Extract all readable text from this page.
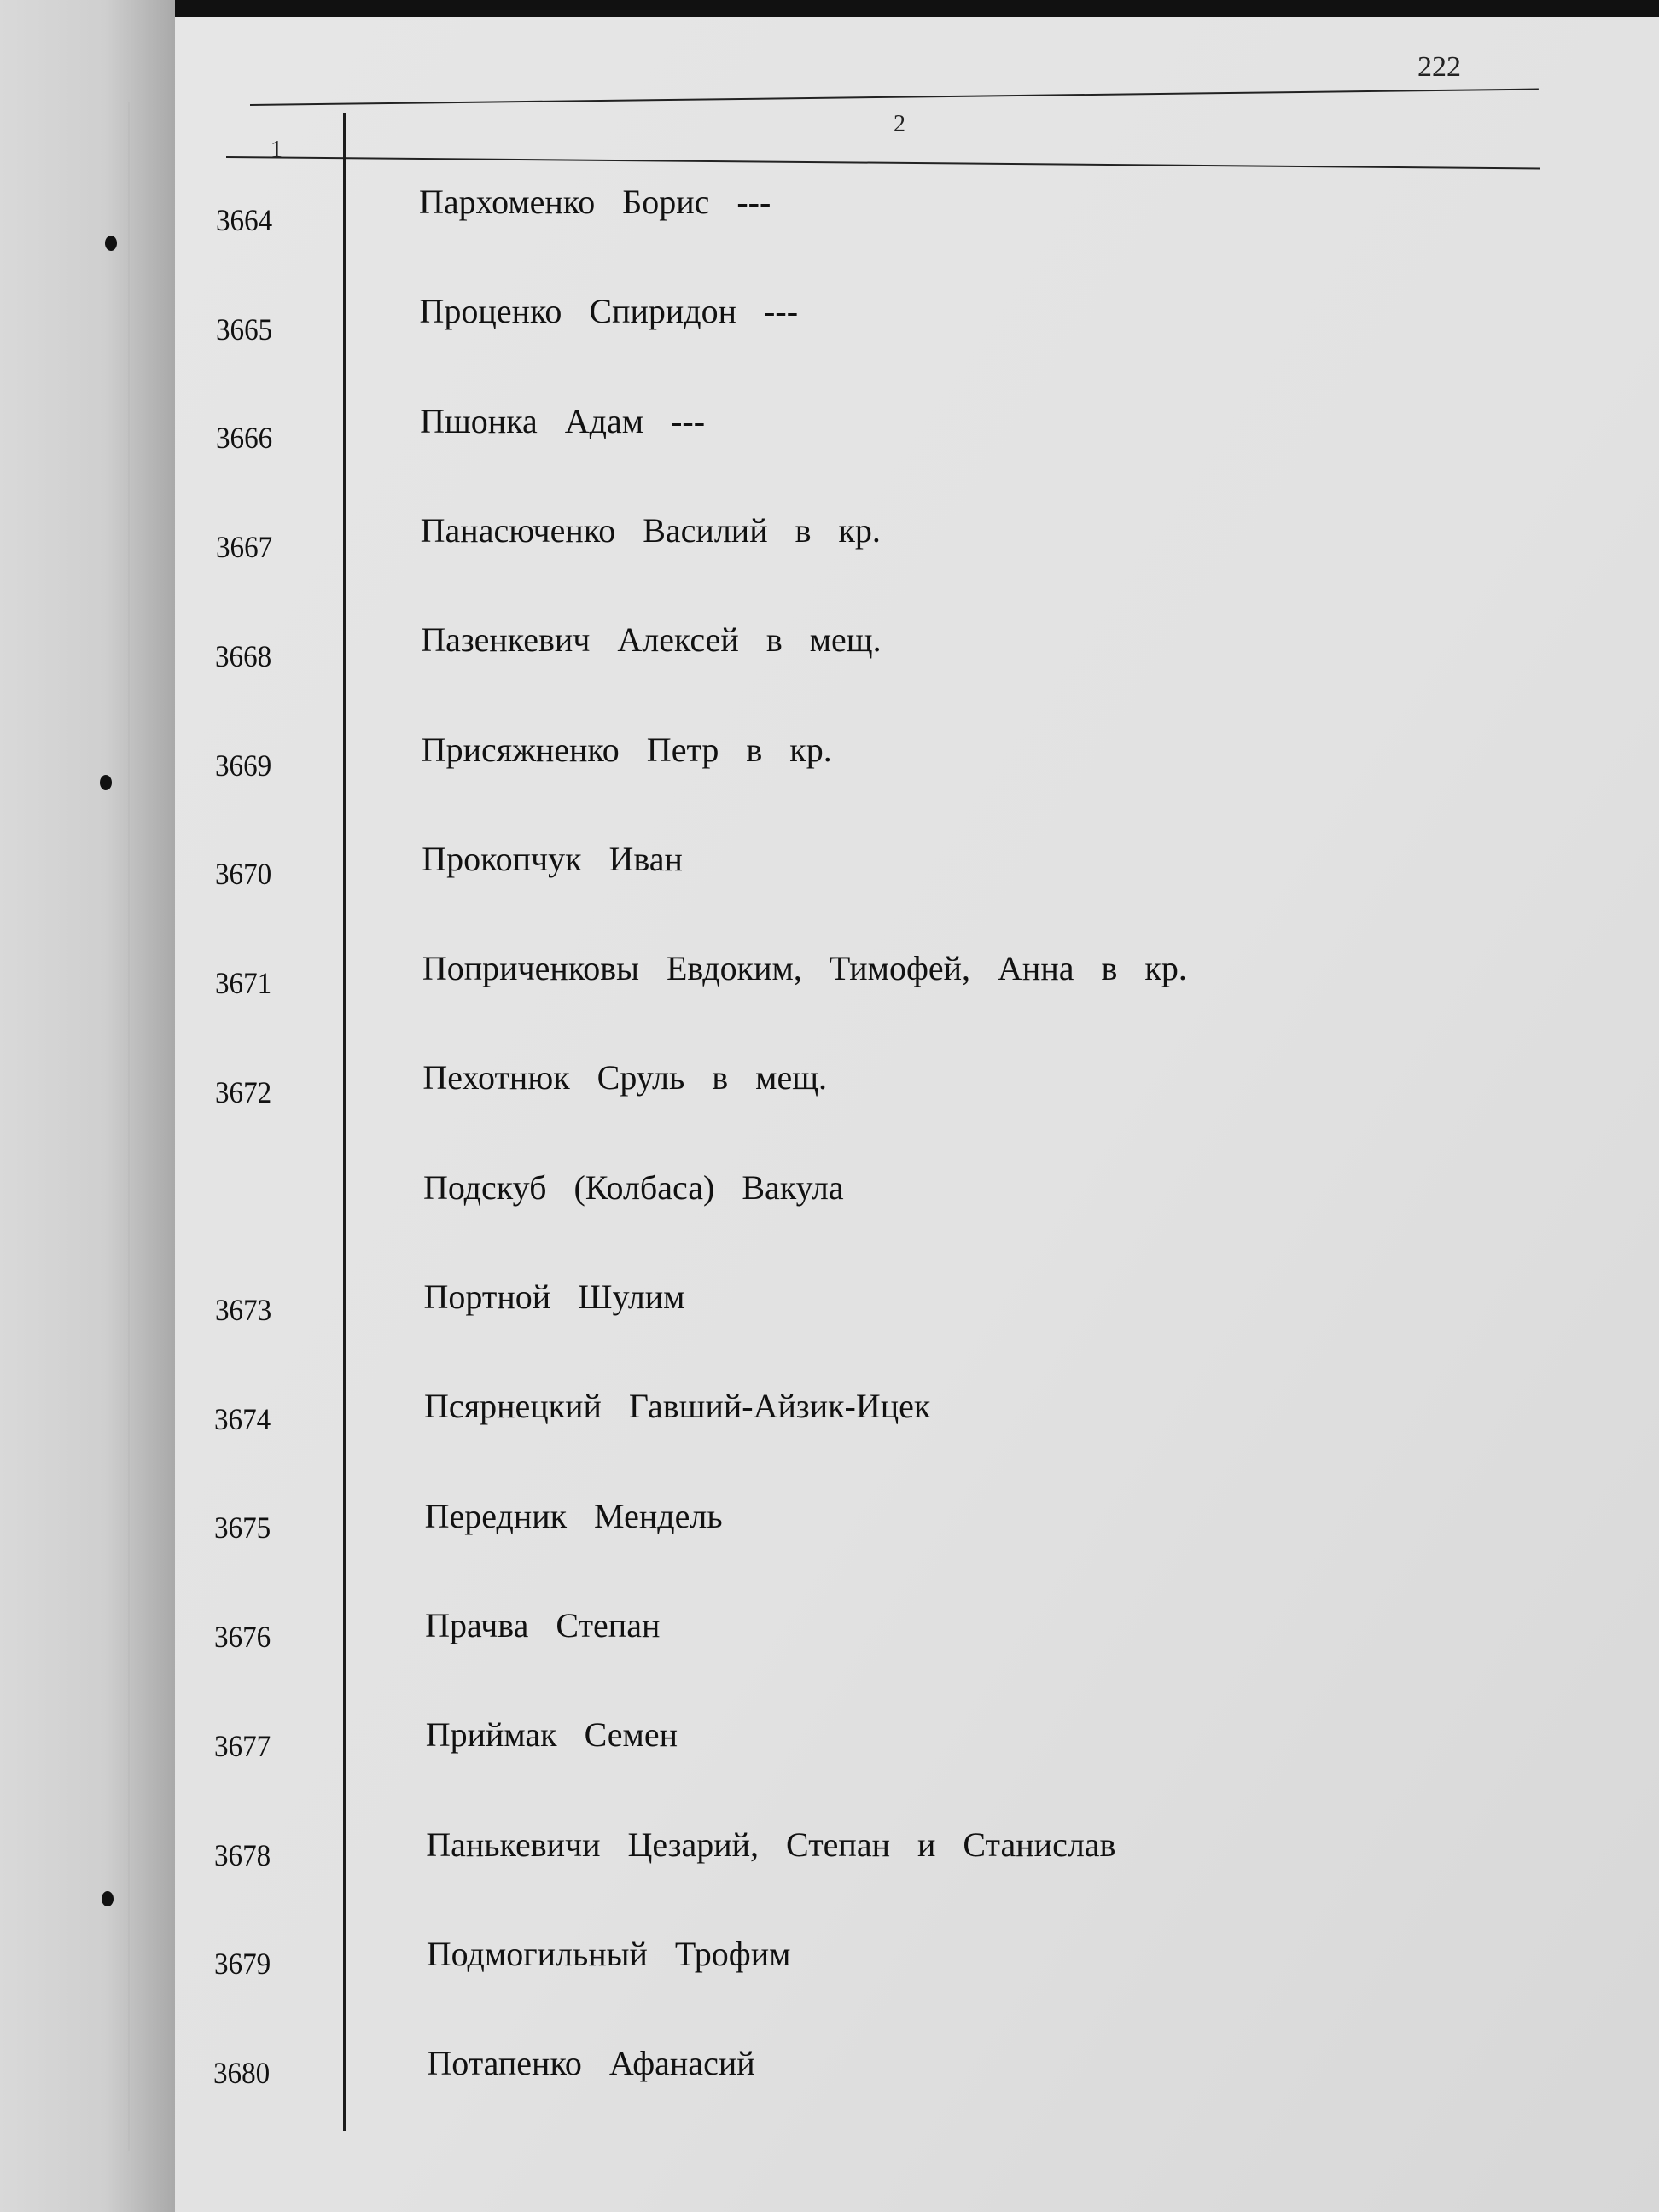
222
1
2
3664	Пархоменко  Борис  ---
3665	Проценко  Спиридон  ---
3666	Пшонка  Адам  ---
3667	Панасюченко  Василий  в  кр.
3668	Пазенкевич  Алексей  в  мещ.
3669	Присяжненко  Петр  в  кр.
3670	Прокопчук  Иван
3671	Поприченковы  Евдоким,  Тимофей,  Анна  в  кр.
3672	Пехотнюк  Сруль  в  мещ.
Подскуб  (Колбаса)  Вакула
3673	Портной  Шулим
3674	Псярнецкий  Гавший-Айзик-Ицек
3675	Передник  Мендель
3676	Прачва  Степан
3677	Приймак  Семен
3678	Панькевичи  Цезарий,  Степан  и  Станислав
3679	Подмогильный  Трофим
3680	Потапенко  Афанасий
